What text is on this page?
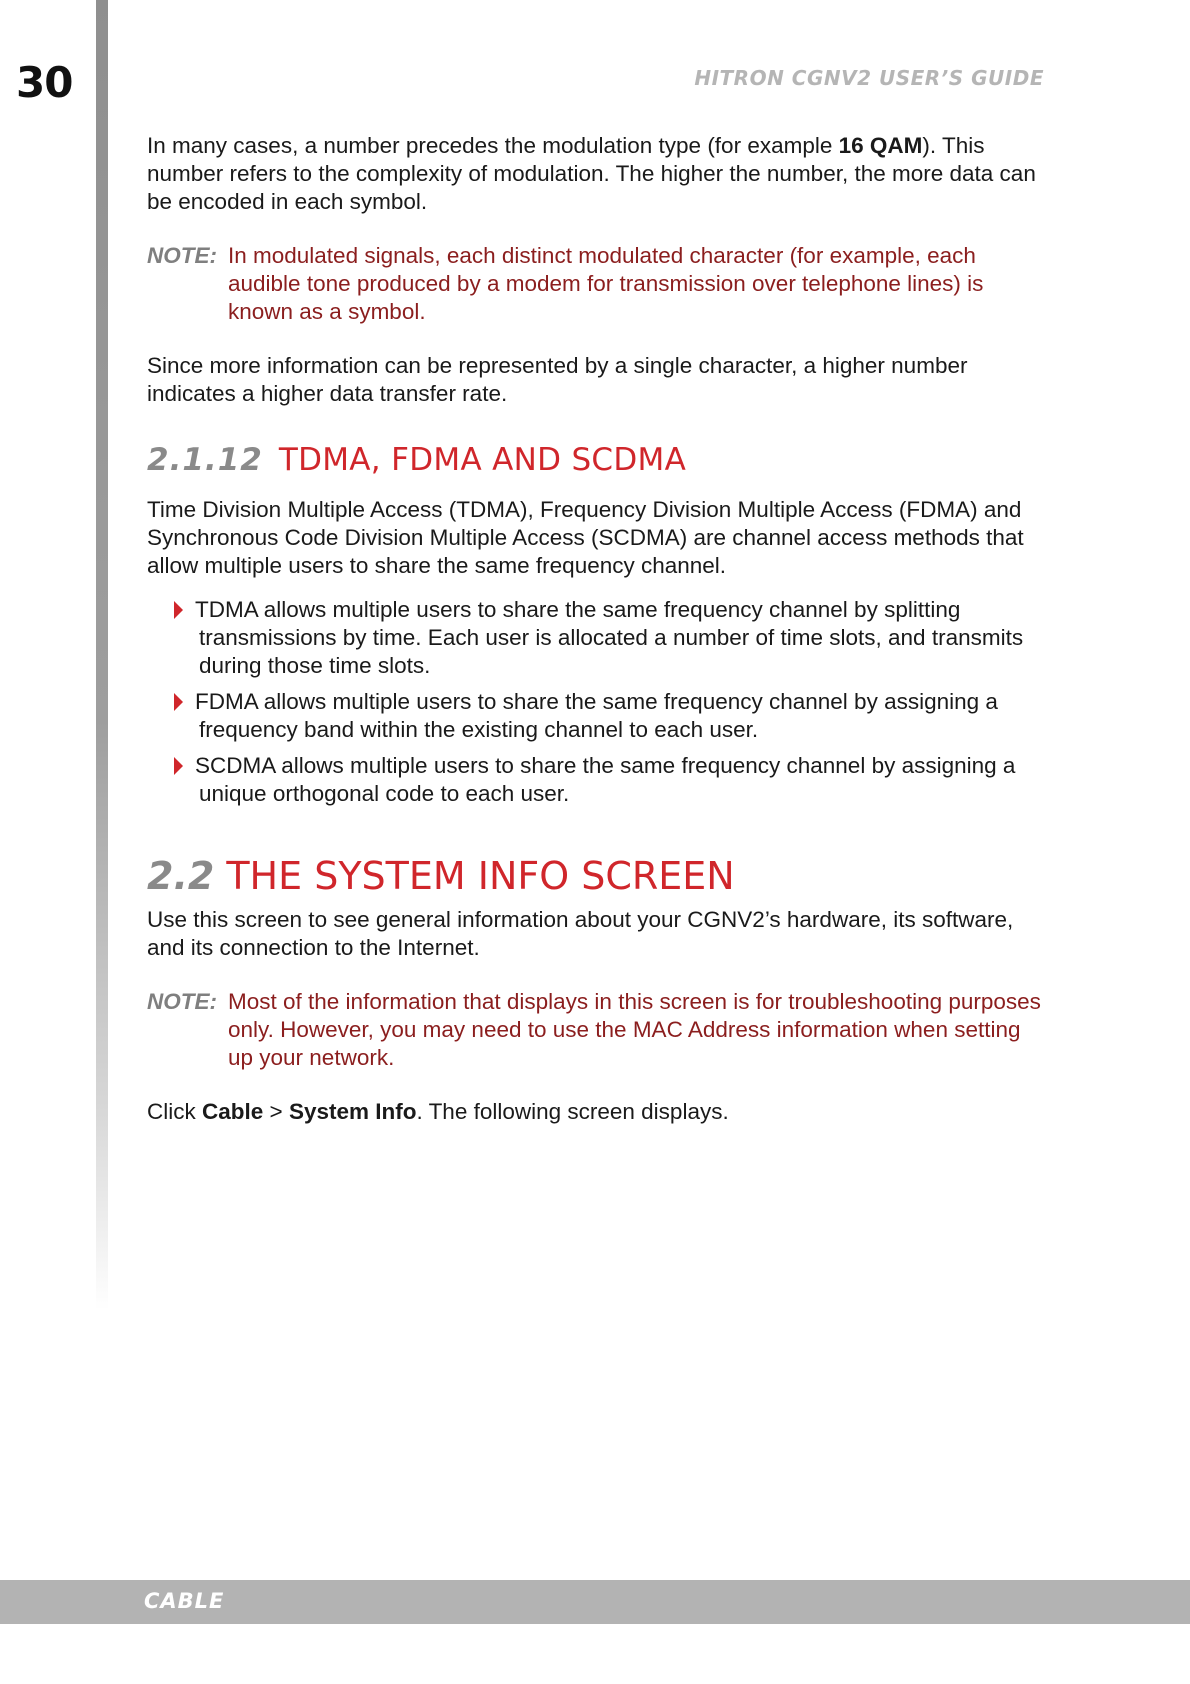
30	HITRON CGNV2 USER’S GUIDE

In many cases, a number precedes the modulation type (for example 16 QAM). This number refers to the complexity of modulation. The higher the number, the more data can be encoded in each symbol.

NOTE: In modulated signals, each distinct modulated character (for example, each audible tone produced by a modem for transmission over telephone lines) is known as a symbol.

Since more information can be represented by a single character, a higher number indicates a higher data transfer rate.

2.1.12 TDMA, FDMA AND SCDMA

Time Division Multiple Access (TDMA), Frequency Division Multiple Access (FDMA) and Synchronous Code Division Multiple Access (SCDMA) are channel access methods that allow multiple users to share the same frequency channel.

TDMA allows multiple users to share the same frequency channel by splitting transmissions by time. Each user is allocated a number of time slots, and transmits during those time slots.
FDMA allows multiple users to share the same frequency channel by assigning a frequency band within the existing channel to each user.
SCDMA allows multiple users to share the same frequency channel by assigning a unique orthogonal code to each user.
2.2 THE SYSTEM INFO SCREEN

Use this screen to see general information about your CGNV2’s hardware, its software, and its connection to the Internet.

NOTE: Most of the information that displays in this screen is for troubleshooting purposes only. However, you may need to use the MAC Address information when setting up your network.

Click Cable > System Info. The following screen displays.

CABLE
